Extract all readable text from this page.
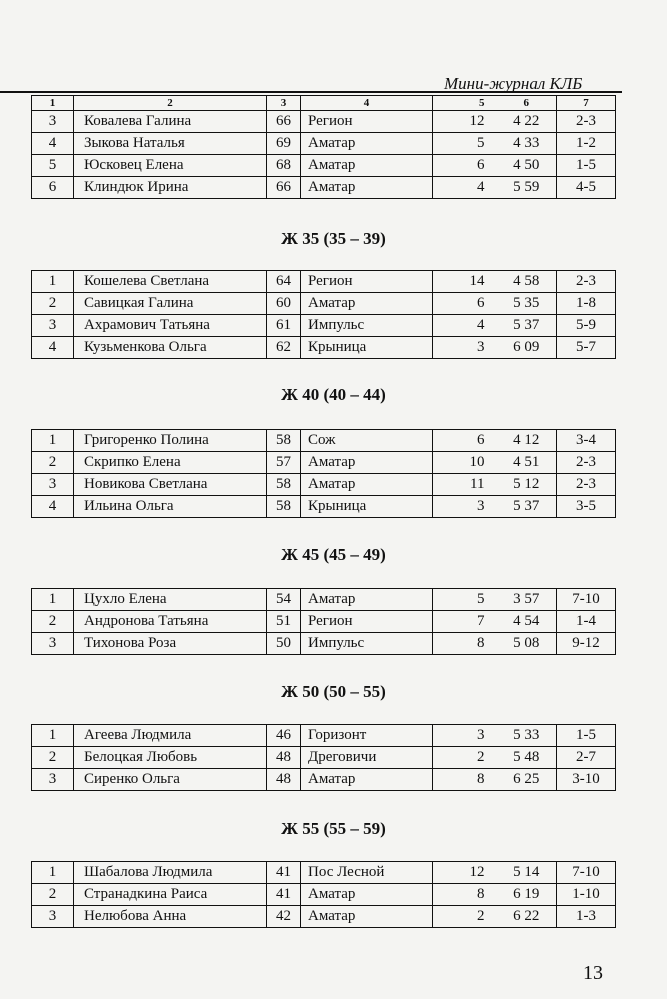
Мини-журнал КЛБ
1	2	3	4	5	6	7
3	Ковалева Галина	66	Регион	12	4 22	2-3
4	Зыкова Наталья	69	Аматар	5	4 33	1-2
5	Юсковец Елена	68	Аматар	6	4 50	1-5
6	Клиндюк Ирина	66	Аматар	4	5 59	4-5
Ж 35 (35 – 39)
1	Кошелева Светлана	64	Регион	14	4 58	2-3
2	Савицкая Галина	60	Аматар	6	5 35	1-8
3	Ахрамович Татьяна	61	Импульс	4	5 37	5-9
4	Кузьменкова Ольга	62	Крыница	3	6 09	5-7
Ж 40 (40 – 44)
1	Григоренко Полина	58	Сож	6	4 12	3-4
2	Скрипко Елена	57	Аматар	10	4 51	2-3
3	Новикова Светлана	58	Аматар	11	5 12	2-3
4	Ильина Ольга	58	Крыница	3	5 37	3-5
Ж 45 (45 – 49)
1	Цухло Елена	54	Аматар	5	3 57	7-10
2	Андронова Татьяна	51	Регион	7	4 54	1-4
3	Тихонова Роза	50	Импульс	8	5 08	9-12
Ж 50 (50 – 55)
1	Агеева Людмила	46	Горизонт	3	5 33	1-5
2	Белоцкая Любовь	48	Дреговичи	2	5 48	2-7
3	Сиренко Ольга	48	Аматар	8	6 25	3-10
Ж 55 (55 – 59)
1	Шабалова Людмила	41	Пос Лесной	12	5 14	7-10
2	Странадкина Раиса	41	Аматар	8	6 19	1-10
3	Нелюбова Анна	42	Аматар	2	6 22	1-3
13
